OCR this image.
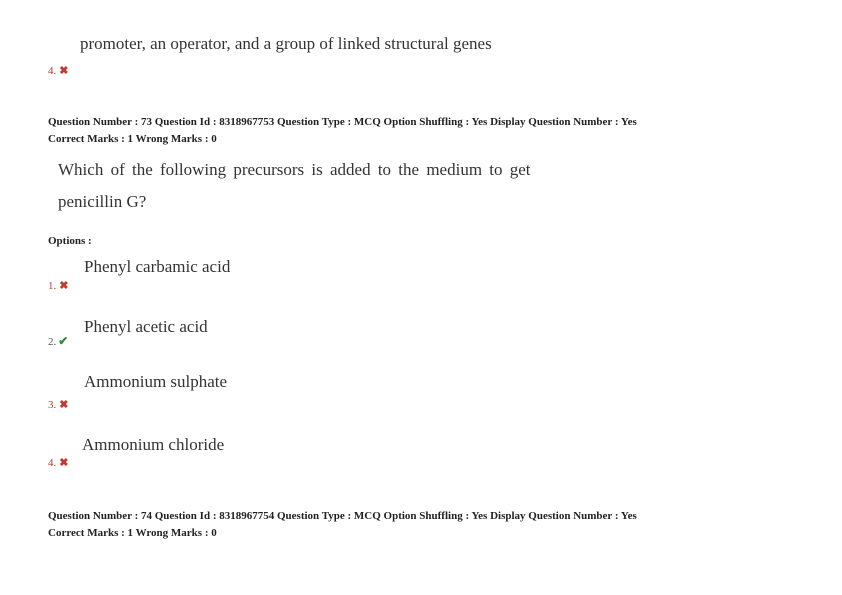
promoter, an operator, and a group of linked structural genes
4. ✖
Question Number : 73 Question Id : 8318967753 Question Type : MCQ Option Shuffling : Yes Display Question Number : Yes
Correct Marks : 1 Wrong Marks : 0
Which of the following precursors is added to the medium to get
penicillin G?
Options :
Phenyl carbamic acid
1. ✖
Phenyl acetic acid
2. ✔
Ammonium sulphate
3. ✖
Ammonium chloride
4. ✖
Question Number : 74 Question Id : 8318967754 Question Type : MCQ Option Shuffling : Yes Display Question Number : Yes
Correct Marks : 1 Wrong Marks : 0
